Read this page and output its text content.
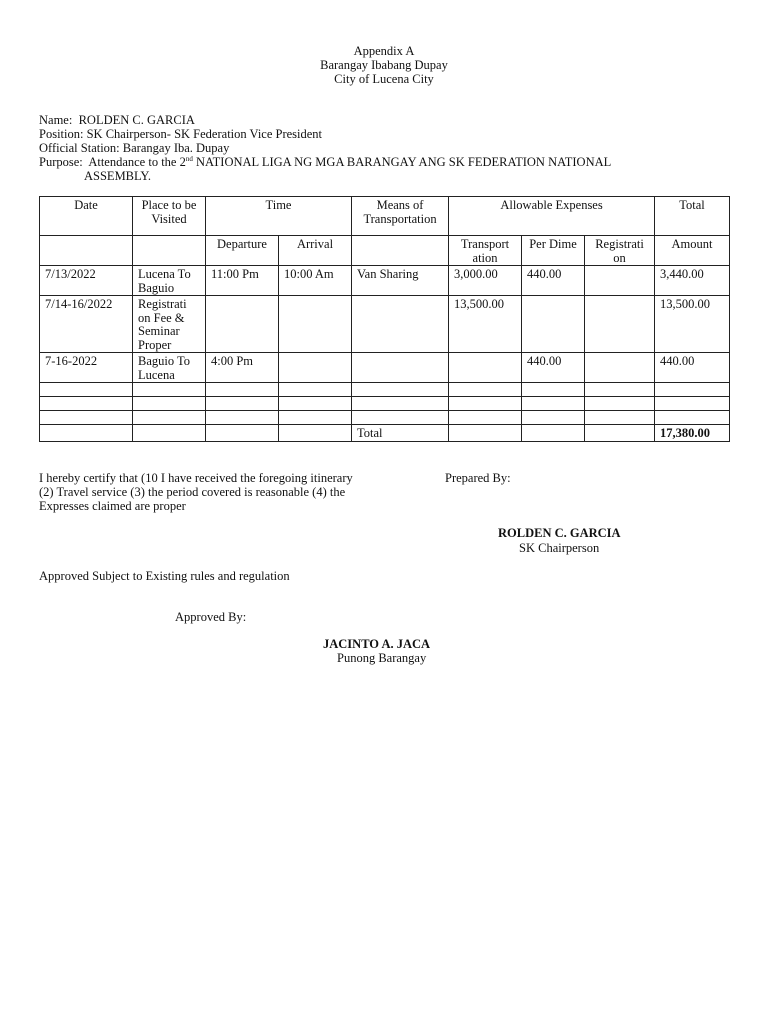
Appendix A
Barangay Ibabang Dupay
City of Lucena City
Name: ROLDEN C. GARCIA
Position: SK Chairperson- SK Federation Vice President
Official Station: Barangay Iba. Dupay
Purpose: Attendance to the 2nd NATIONAL LIGA NG MGA BARANGAY ANG SK FEDERATION NATIONAL
ASSEMBLY.
Date	Place to be Visited	Time		Means of Transportation	Allowable Expenses			Total
		Departure	Arrival		Transport ation	Per Dime	Registrati on	Amount
7/13/2022	Lucena To Baguio	11:00 Pm	10:00 Am	Van Sharing	3,000.00	440.00		3,440.00
7/14-16/2022	Registrati on Fee & Seminar Proper				13,500.00			13,500.00
7-16-2022	Baguio To Lucena	4:00 Pm				440.00		440.00

				Total				17,380.00
I hereby certify that (10 I have received the foregoing itinerary
(2) Travel service (3) the period covered is reasonable (4) the
Expresses claimed are proper
Prepared By:
ROLDEN C. GARCIA
SK Chairperson
Approved Subject to Existing rules and regulation
Approved By:
JACINTO A. JACA
Punong Barangay
